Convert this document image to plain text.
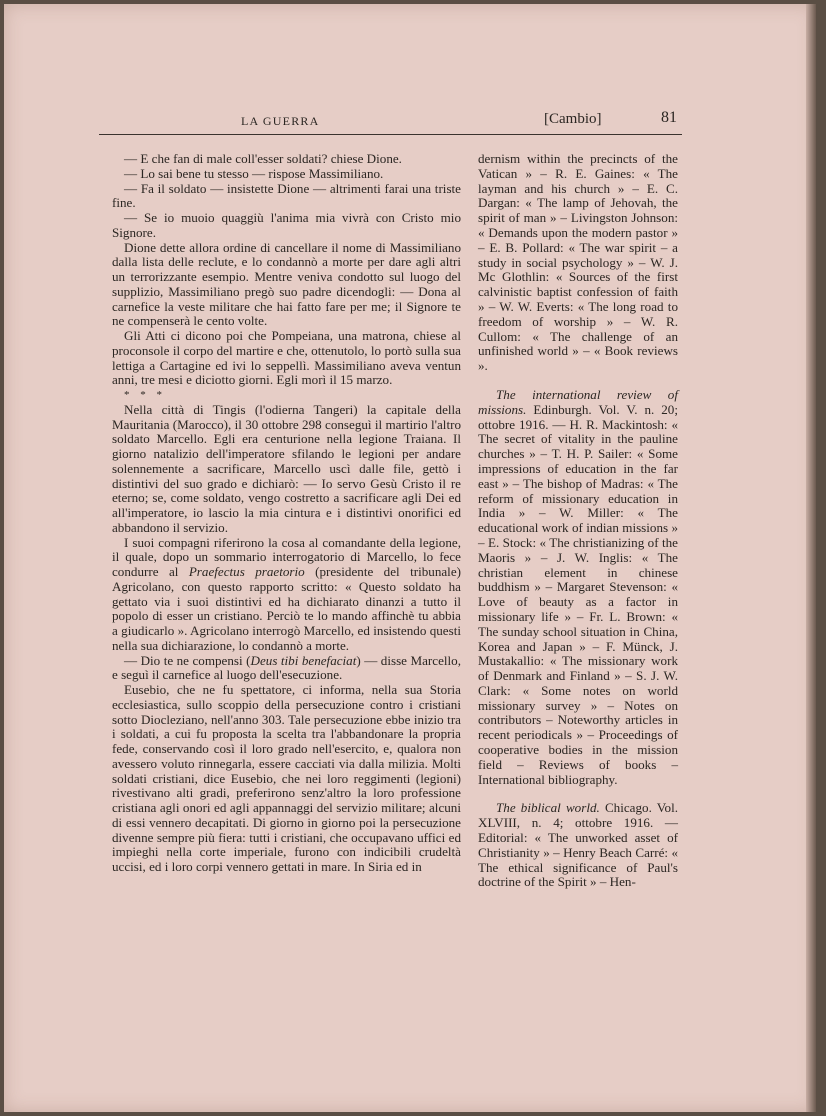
LA GUERRA	[Cambio]	81

— E che fan di male coll'esser soldati? chiese Dione.

— Lo sai bene tu stesso — rispose Massimiliano.

— Fa il soldato — insistette Dione — altrimenti farai una triste fine.

— Se io muoio quaggiù l'anima mia vivrà con Cristo mio Signore.

Dione dette allora ordine di cancellare il nome di Massimiliano dalla lista delle reclute, e lo condannò a morte per dare agli altri un terrorizzante esempio. Mentre veniva condotto sul luogo del supplizio, Massimiliano pregò suo padre dicendogli: — Dona al carnefice la veste militare che hai fatto fare per me; il Signore te ne compenserà le cento volte.

Gli Atti ci dicono poi che Pompeiana, una matrona, chiese al proconsole il corpo del martire e che, ottenutolo, lo portò sulla sua lettiga a Cartagine ed ivi lo seppellì. Massimiliano aveva ventun anni, tre mesi e diciotto giorni. Egli morì il 15 marzo.

* * *

Nella città di Tingis (l'odierna Tangeri) la capitale della Mauritania (Marocco), il 30 ottobre 298 conseguì il martirio l'altro soldato Marcello. Egli era centurione nella legione Traiana. Il giorno natalizio dell'imperatore sfilando le legioni per andare solennemente a sacrificare, Marcello uscì dalle file, gettò i distintivi del suo grado e dichiarò: — Io servo Gesù Cristo il re eterno; se, come soldato, vengo costretto a sacrificare agli Dei ed all'imperatore, io lascio la mia cintura e i distintivi onorifici ed abbandono il servizio.

I suoi compagni riferirono la cosa al comandante della legione, il quale, dopo un sommario interrogatorio di Marcello, lo fece condurre al Praefectus praetorio (presidente del tribunale) Agricolano, con questo rapporto scritto: « Questo soldato ha gettato via i suoi distintivi ed ha dichiarato dinanzi a tutto il popolo di esser un cristiano. Perciò te lo mando affinchè tu abbia a giudicarlo ». Agricolano interrogò Marcello, ed insistendo questi nella sua dichiarazione, lo condannò a morte.

— Dio te ne compensi (Deus tibi benefaciat) — disse Marcello, e seguì il carnefice al luogo dell'esecuzione.

Eusebio, che ne fu spettatore, ci informa, nella sua Storia ecclesiastica, sullo scoppio della persecuzione contro i cristiani sotto Diocleziano, nell'anno 303. Tale persecuzione ebbe inizio tra i soldati, a cui fu proposta la scelta tra l'abbandonare la propria fede, conservando così il loro grado nell'esercito, e, qualora non avessero voluto rinnegarla, essere cacciati via dalla milizia. Molti soldati cristiani, dice Eusebio, che nei loro reggimenti (legioni) rivestivano alti gradi, preferirono senz'altro la loro professione cristiana agli onori ed agli appannaggi del servizio militare; alcuni di essi vennero decapitati. Di giorno in giorno poi la persecuzione divenne sempre più fiera: tutti i cristiani, che occupavano uffici ed impieghi nella corte imperiale, furono con indicibili crudeltà uccisi, ed i loro corpi vennero gettati in mare. In Siria ed in

dernism within the precincts of the Vatican » – R. E. Gaines: « The layman and his church » – E. C. Dargan: « The lamp of Jehovah, the spirit of man » – Livingston Johnson: « Demands upon the modern pastor » – E. B. Pollard: « The war spirit – a study in social psychology » – W. J. Mc Glothlin: « Sources of the first calvinistic baptist confession of faith » – W. W. Everts: « The long road to freedom of worship » – W. R. Cullom: « The challenge of an unfinished world » – « Book reviews ».

The international review of missions. Edinburgh. Vol. V. n. 20; ottobre 1916. — H. R. Mackintosh: « The secret of vitality in the pauline churches » – T. H. P. Sailer: « Some impressions of education in the far east » – The bishop of Madras: « The reform of missionary education in India » – W. Miller: « The educational work of indian missions » – E. Stock: « The christianizing of the Maoris » – J. W. Inglis: « The christian element in chinese buddhism » – Margaret Stevenson: « Love of beauty as a factor in missionary life » – Fr. L. Brown: « The sunday school situation in China, Korea and Japan » – F. Münck, J. Mustakallio: « The missionary work of Denmark and Finland » – S. J. W. Clark: « Some notes on world missionary survey » – Notes on contributors – Noteworthy articles in recent periodicals » – Proceedings of cooperative bodies in the mission field – Reviews of books – International bibliography.

The biblical world. Chicago. Vol. XLVIII, n. 4; ottobre 1916. — Editorial: « The unworked asset of Christianity » – Henry Beach Carré: « The ethical significance of Paul's doctrine of the Spirit » – Hen-
